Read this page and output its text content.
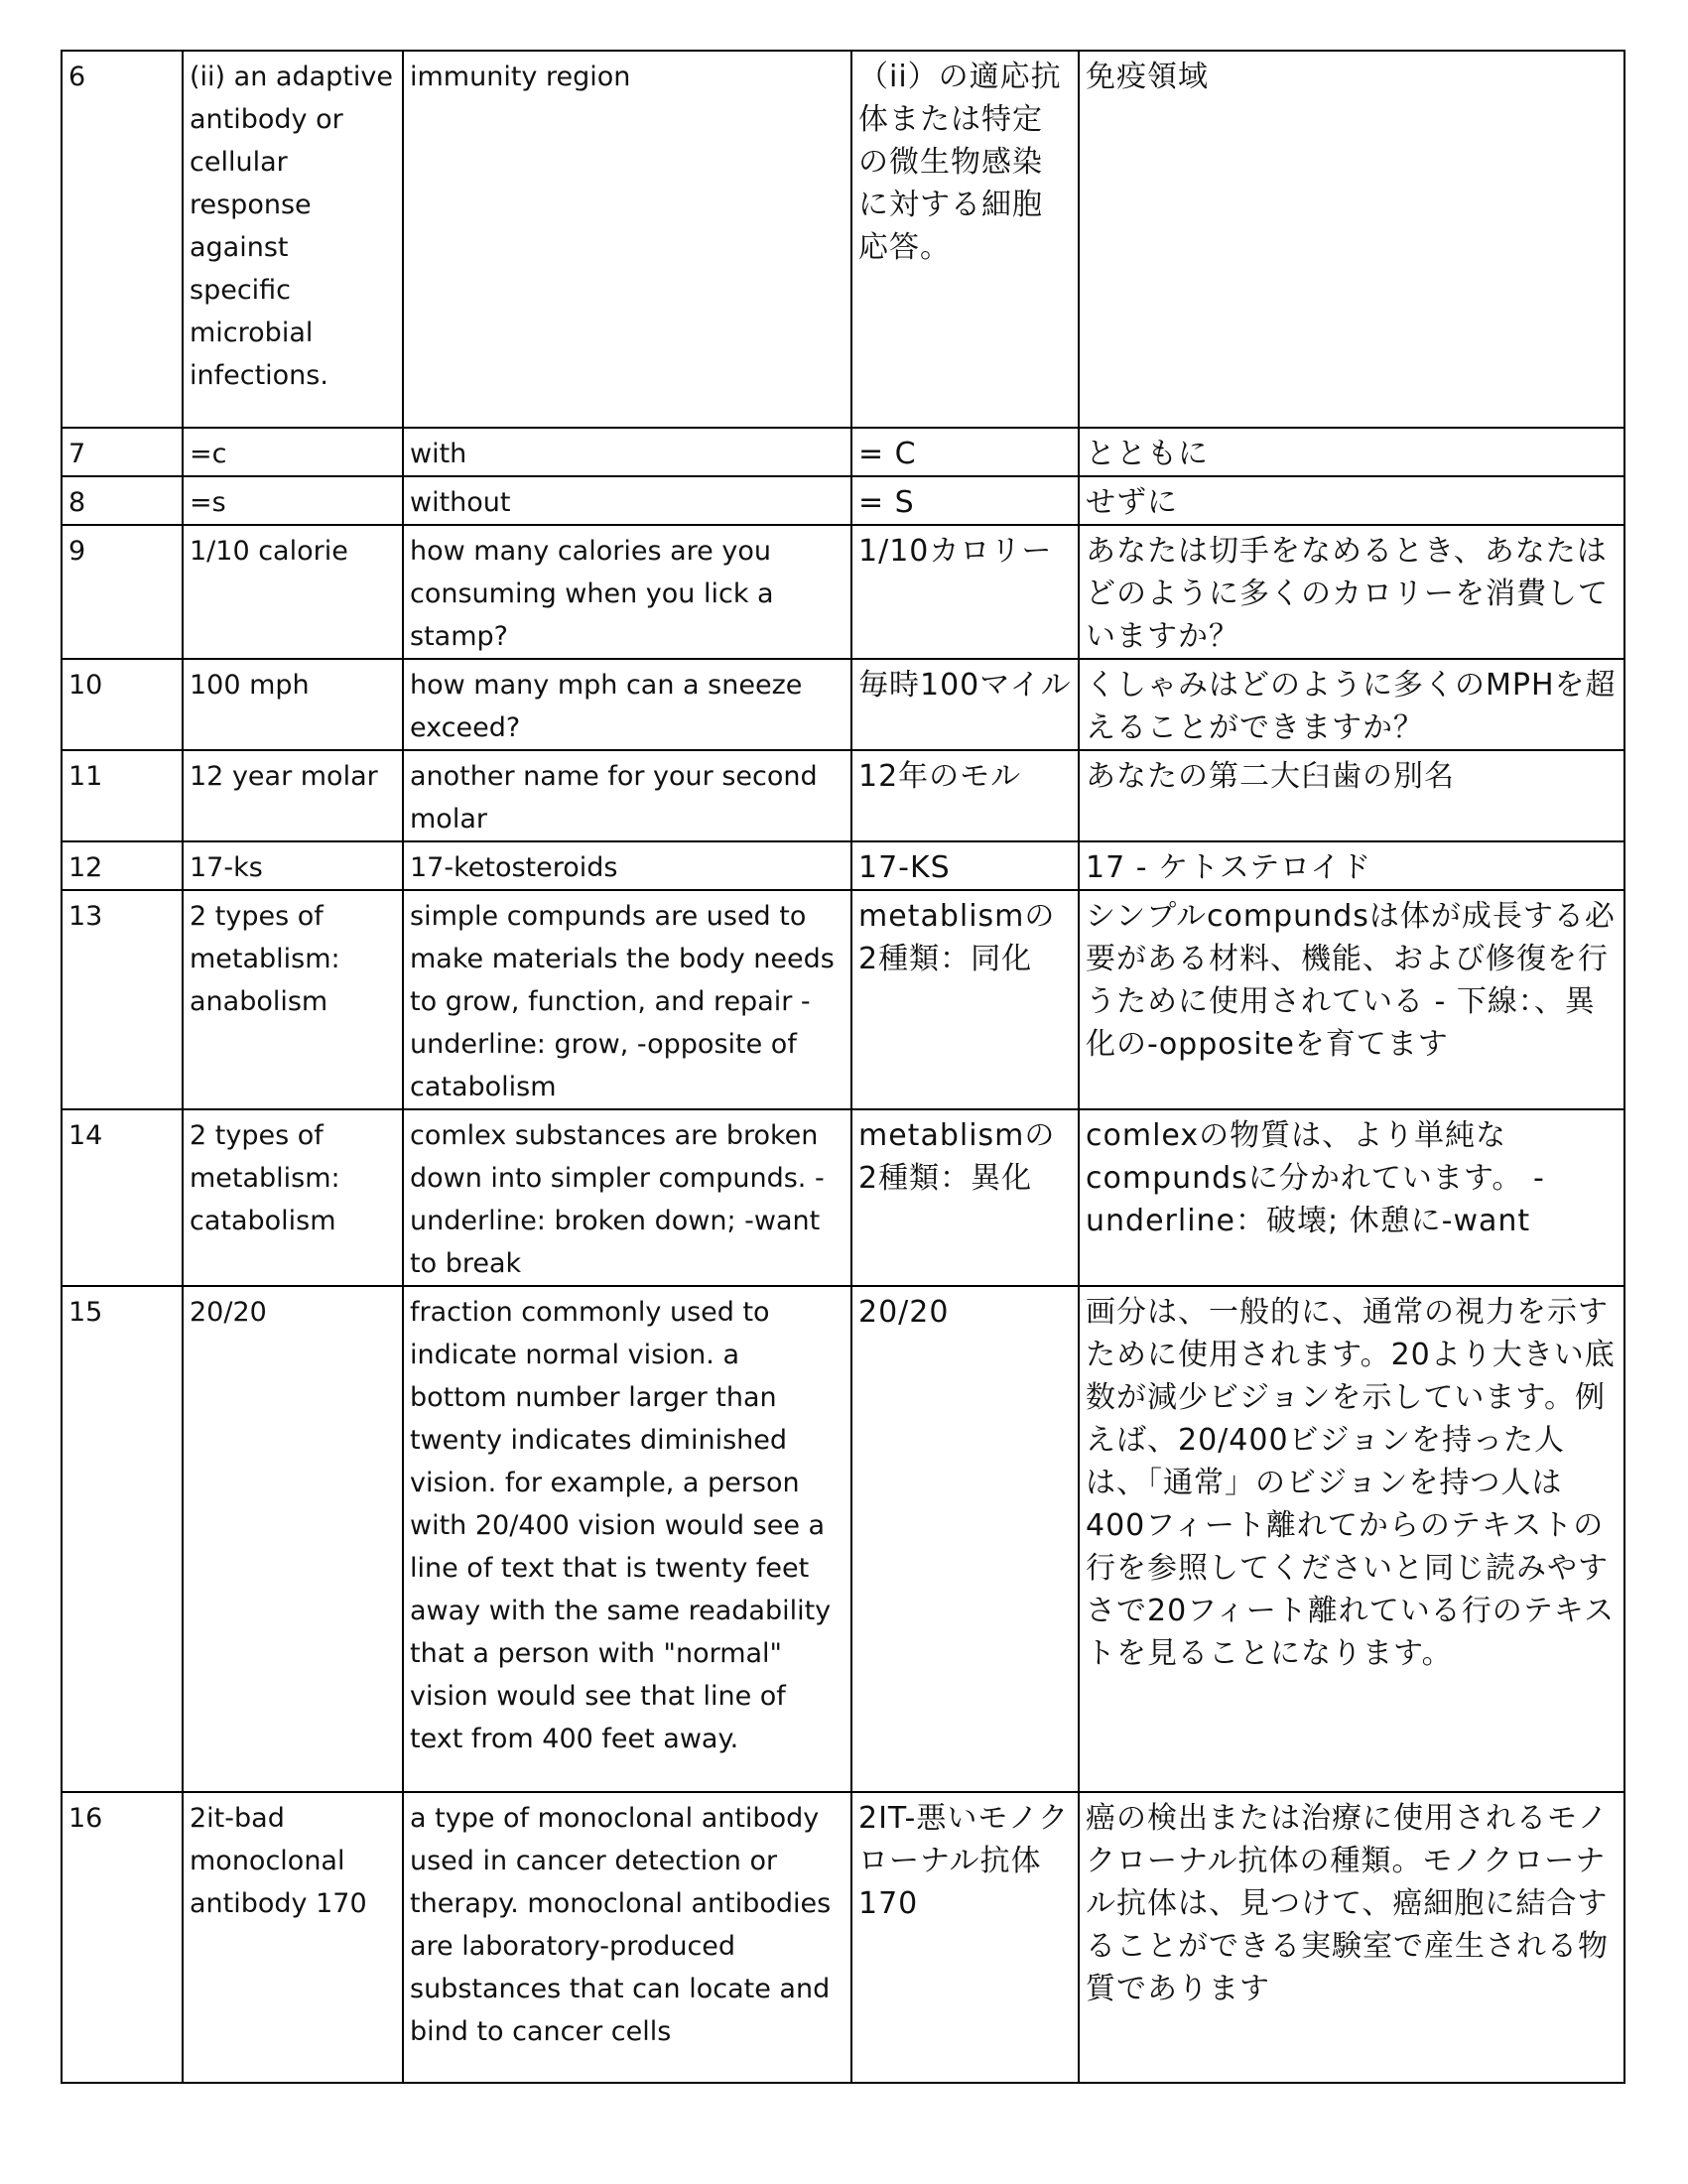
6	(ii) an adaptive antibody or cellular response against specific microbial infections.	immunity region	（ii）の適応抗体または特定の微生物感染に対する細胞応答。	免疫領域
7	=c	with	= C	とともに
8	=s	without	= S	せずに
9	1/10 calorie	how many calories are you consuming when you lick a stamp?	1/10カロリー	あなたは切手をなめるとき、あなたはどのように多くのカロリーを消費していますか？
10	100 mph	how many mph can a sneeze exceed?	毎時100マイル	くしゃみはどのように多くのMPHを超えることができますか？
11	12 year molar	another name for your second molar	12年のモル	あなたの第二大臼歯の別名
12	17-ks	17-ketosteroids	17-KS	17 - ケトステロイド
13	2 types of metablism: anabolism	simple compunds are used to make materials the body needs to grow, function, and repair - underline: grow, -opposite of catabolism	metablismの2種類：同化	シンプルcompundsは体が成長する必要がある材料、機能、および修復を行うために使用されている - 下線：、異化の-oppositeを育てます
14	2 types of metablism: catabolism	comlex substances are broken down into simpler compunds. - underline: broken down; -want to break	metablismの2種類：異化	comlexの物質は、より単純なcompundsに分かれています。 - underline：破壊; 休憩に-want
15	20/20	fraction commonly used to indicate normal vision. a bottom number larger than twenty indicates diminished vision. for example, a person with 20/400 vision would see a line of text that is twenty feet away with the same readability that a person with "normal" vision would see that line of text from 400 feet away.	20/20	画分は、一般的に、通常の視力を示すために使用されます。20より大きい底数が減少ビジョンを示しています。例えば、20/400ビジョンを持った人は、「通常」のビジョンを持つ人は400フィート離れてからのテキストの行を参照してくださいと同じ読みやすさで20フィート離れている行のテキストを見ることになります。
16	2it-bad monoclonal antibody 170	a type of monoclonal antibody used in cancer detection or therapy. monoclonal antibodies are laboratory-produced substances that can locate and bind to cancer cells	2IT-悪いモノクローナル抗体170	癌の検出または治療に使用されるモノクローナル抗体の種類。モノクローナル抗体は、見つけて、癌細胞に結合することができる実験室で産生される物質であります
